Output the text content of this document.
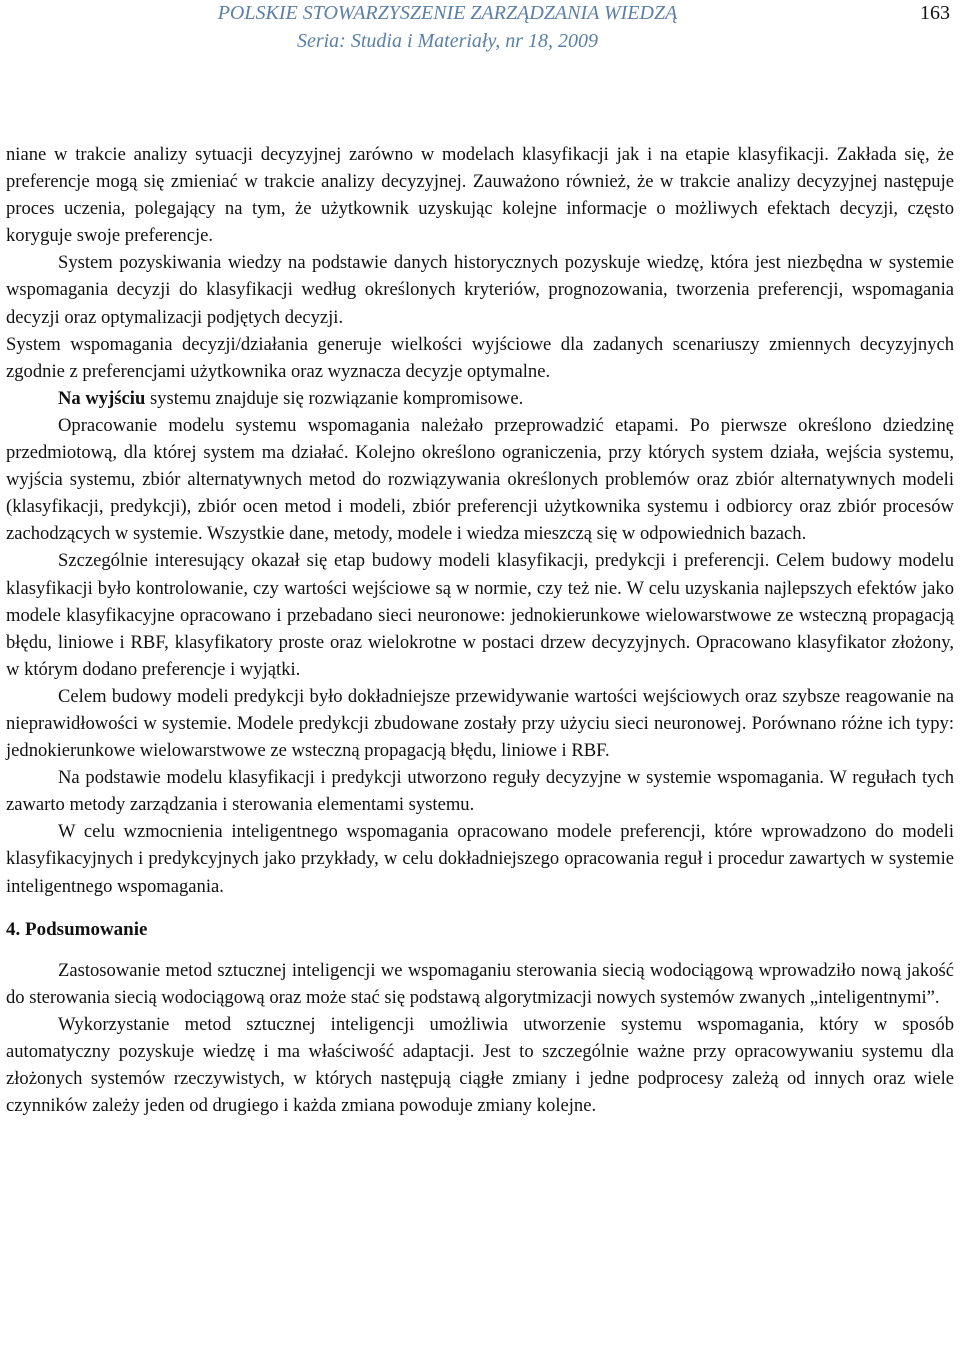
POLSKIE STOWARZYSZENIE ZARZĄDZANIA WIEDZĄ
Seria: Studia i Materiały, nr 18, 2009
163

niane w trakcie analizy sytuacji decyzyjnej zarówno w modelach klasyfikacji jak i na etapie klasyfikacji. Zakłada się, że preferencje mogą się zmieniać w trakcie analizy decyzyjnej. Zauważono również, że w trakcie analizy decyzyjnej następuje proces uczenia, polegający na tym, że użytkownik uzyskując kolejne informacje o możliwych efektach decyzji, często koryguje swoje preferencje.

System pozyskiwania wiedzy na podstawie danych historycznych pozyskuje wiedzę, która jest niezbędna w systemie wspomagania decyzji do klasyfikacji według określonych kryteriów, prognozowania, tworzenia preferencji, wspomagania decyzji oraz optymalizacji podjętych decyzji.

System wspomagania decyzji/działania generuje wielkości wyjściowe dla zadanych scenariuszy zmiennych decyzyjnych zgodnie z preferencjami użytkownika oraz wyznacza decyzje optymalne.

Na wyjściu systemu znajduje się rozwiązanie kompromisowe.

Opracowanie modelu systemu wspomagania należało przeprowadzić etapami. Po pierwsze określono dziedzinę przedmiotową, dla której system ma działać. Kolejno określono ograniczenia, przy których system działa, wejścia systemu, wyjścia systemu, zbiór alternatywnych metod do rozwiązywania określonych problemów oraz zbiór alternatywnych modeli (klasyfikacji, predykcji), zbiór ocen metod i modeli, zbiór preferencji użytkownika systemu i odbiorcy oraz zbiór procesów zachodzących w systemie. Wszystkie dane, metody, modele i wiedza mieszczą się w odpowiednich bazach.

Szczególnie interesujący okazał się etap budowy modeli klasyfikacji, predykcji i preferencji. Celem budowy modelu klasyfikacji było kontrolowanie, czy wartości wejściowe są w normie, czy też nie. W celu uzyskania najlepszych efektów jako modele klasyfikacyjne opracowano i przebadano sieci neuronowe: jednokierunkowe wielowarstwowe ze wsteczną propagacją błędu, liniowe i RBF, klasyfikatory proste oraz wielokrotne w postaci drzew decyzyjnych. Opracowano klasyfikator złożony, w którym dodano preferencje i wyjątki.

Celem budowy modeli predykcji było dokładniejsze przewidywanie wartości wejściowych oraz szybsze reagowanie na nieprawidłowości w systemie. Modele predykcji zbudowane zostały przy użyciu sieci neuronowej. Porównano różne ich typy: jednokierunkowe wielowarstwowe ze wsteczną propagacją błędu, liniowe i RBF.

Na podstawie modelu klasyfikacji i predykcji utworzono reguły decyzyjne w systemie wspomagania. W regułach tych zawarto metody zarządzania i sterowania elementami systemu.

W celu wzmocnienia inteligentnego wspomagania opracowano modele preferencji, które wprowadzono do modeli klasyfikacyjnych i predykcyjnych jako przykłady, w celu dokładniejszego opracowania reguł i procedur zawartych w systemie inteligentnego wspomagania.

4. Podsumowanie

Zastosowanie metod sztucznej inteligencji we wspomaganiu sterowania siecią wodociągową wprowadziło nową jakość do sterowania siecią wodociągową oraz może stać się podstawą algorytmizacji nowych systemów zwanych „inteligentnymi”.

Wykorzystanie metod sztucznej inteligencji umożliwia utworzenie systemu wspomagania, który w sposób automatyczny pozyskuje wiedzę i ma właściwość adaptacji. Jest to szczególnie ważne przy opracowywaniu systemu dla złożonych systemów rzeczywistych, w których następują ciągłe zmiany i jedne podprocesy zależą od innych oraz wiele czynników zależy jeden od drugiego i każda zmiana powoduje zmiany kolejne.
